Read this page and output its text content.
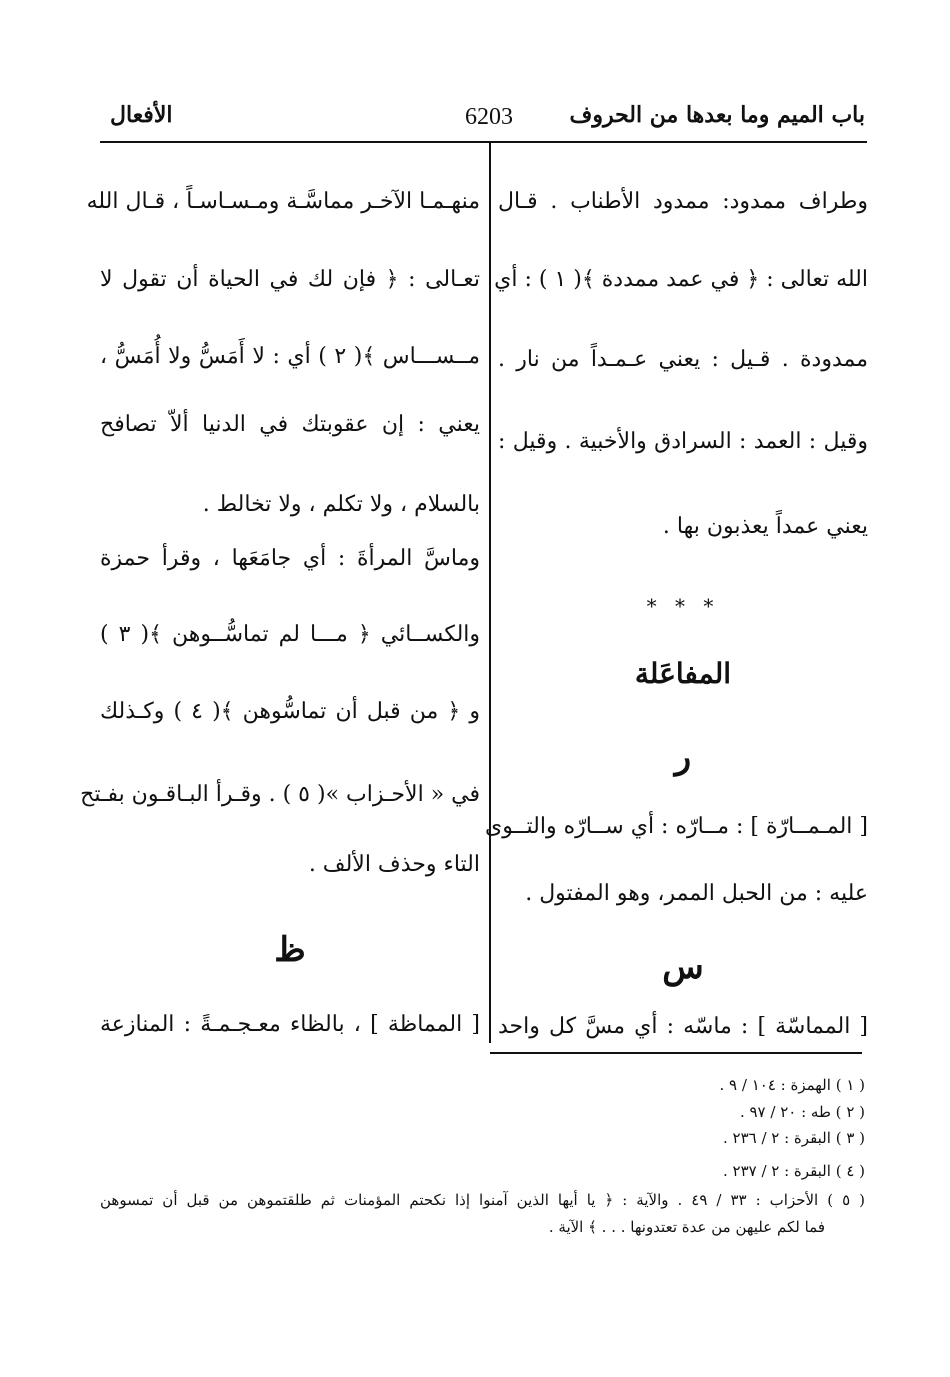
باب الميم وما بعدها من الحروف
6203
الأفعال
وطراف ممدود: ممدود الأطناب . قـال
الله تعالى : ﴿ في عمد ممددة ﴾( ١ ) : أي
ممدودة . قـيل : يعني عـمـداً من نار .
وقيل : العمد : السرادق والأخبية . وقيل :
يعني عمداً يعذبون بها .
* * *
المفاعَلة
ر
[ المـمــارّة ] : مــارّه : أي ســارّه والتــوى
عليه : من الحبل الممر، وهو المفتول .
س
[ المماسّة ] : ماسّه : أي مسَّ كل واحد
منهـمـا الآخـر مماسَّـة ومـسـاسـاً ، قـال الله
تعـالى : ﴿ فإن لك في الحياة أن تقول لا
مــســـاس ﴾( ٢ ) أي : لا أَمَسُّ ولا أُمَسُّ ،
يعني : إن عقوبتك في الدنيا ألاّ تصافح
بالسلام ، ولا تكلم ، ولا تخالط .
وماسَّ المرأةَ : أي جامَعَها ، وقرأ حمزة
والكســائي ﴿ مـــا لم تماسُّــوهن ﴾( ٣ )
و ﴿ من قبل أن تماسُّوهن ﴾( ٤ ) وكـذلك
في « الأحـزاب »( ٥ ) . وقـرأ البـاقـون بفـتح
التاء وحذف الألف .
ظ
[ المماظة ] ، بالظاء معـجـمـةً : المنازعة
( ١ ) الهمزة : ١٠٤ / ٩ .
( ٢ ) طه : ٢٠ / ٩٧ .
( ٣ ) البقرة : ٢ / ٢٣٦ .
( ٤ ) البقرة : ٢ / ٢٣٧ .
( ٥ ) الأحزاب : ٣٣ / ٤٩ . والآية : ﴿ يا أيها الذين آمنوا إذا نكحتم المؤمنات ثم طلقتموهن من قبل أن تمسوهن
فما لكم عليهن من عدة تعتدونها . . . ﴾ الآية .
